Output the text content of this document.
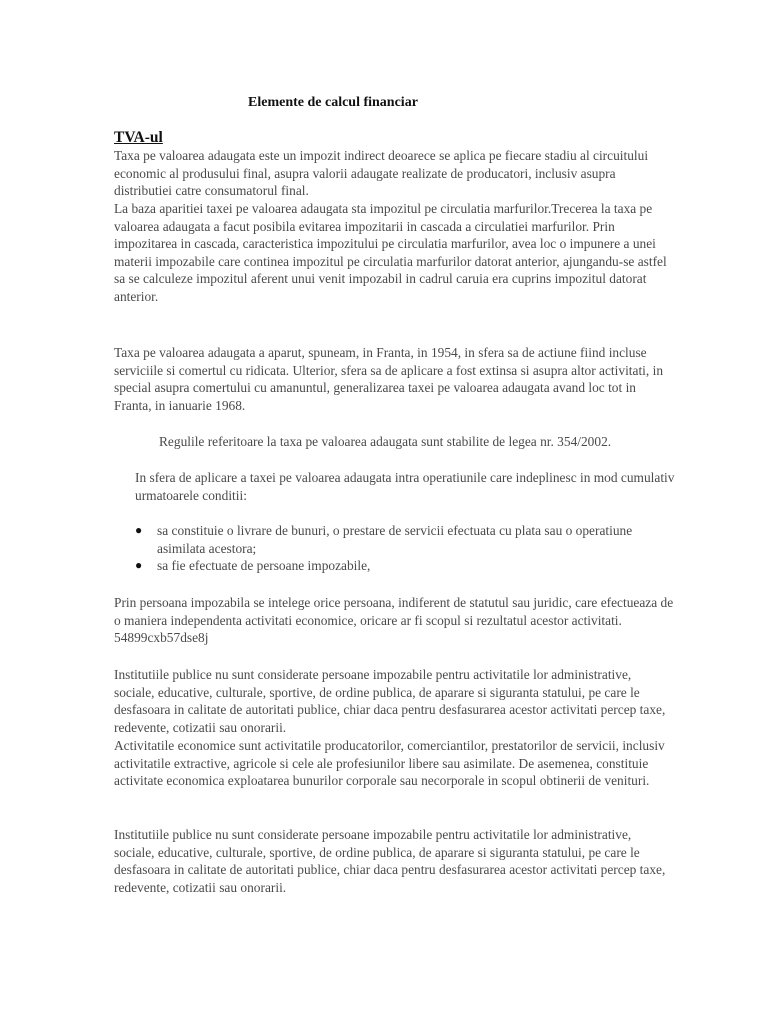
Elemente de calcul financiar
TVA-ul

Taxa pe valoarea adaugata este un impozit indirect deoarece se aplica pe fiecare stadiu al circuitului economic al produsului final, asupra valorii adaugate realizate de producatori, inclusiv asupra distributiei catre consumatorul final.

La baza aparitiei taxei pe valoarea adaugata sta impozitul pe circulatia marfurilor.Trecerea la taxa pe valoarea adaugata a facut posibila evitarea impozitarii in cascada a circulatiei marfurilor. Prin impozitarea in cascada, caracteristica impozitului pe circulatia marfurilor, avea loc o impunere a unei materii impozabile care continea impozitul pe circulatia marfurilor datorat anterior, ajungandu-se astfel sa se calculeze impozitul aferent unui venit impozabil in cadrul caruia era cuprins impozitul datorat anterior.

Taxa pe valoarea adaugata a aparut, spuneam, in Franta, in 1954, in sfera sa de actiune fiind incluse serviciile si comertul cu ridicata. Ulterior, sfera sa de aplicare a fost extinsa si asupra altor activitati, in special asupra comertului cu amanuntul, generalizarea taxei pe valoarea adaugata avand loc tot in Franta, in ianuarie 1968.

Regulile referitoare la taxa pe valoarea adaugata sunt stabilite de legea nr. 354/2002.

In sfera de aplicare a taxei pe valoarea adaugata intra operatiunile care indeplinesc in mod cumulativ urmatoarele conditii:

● sa constituie o livrare de bunuri, o prestare de servicii efectuata cu plata sau o operatiune asimilata acestora;
● sa fie efectuate de persoane impozabile,

Prin persoana impozabila se intelege orice persoana, indiferent de statutul sau juridic, care efectueaza de o maniera independenta activitati economice, oricare ar fi scopul si rezultatul acestor activitati. 54899cxb57dse8j

Institutiile publice nu sunt considerate persoane impozabile pentru activitatile lor administrative, sociale, educative, culturale, sportive, de ordine publica, de aparare si siguranta statului, pe care le desfasoara in calitate de autoritati publice, chiar daca pentru desfasurarea acestor activitati percep taxe, redevente, cotizatii sau onorarii.

Activitatile economice sunt activitatile producatorilor, comerciantilor, prestatorilor de servicii, inclusiv activitatile extractive, agricole si cele ale profesiunilor libere sau asimilate. De asemenea, constituie activitate economica exploatarea bunurilor corporale sau necorporale in scopul obtinerii de venituri.

Institutiile publice nu sunt considerate persoane impozabile pentru activitatile lor administrative, sociale, educative, culturale, sportive, de ordine publica, de aparare si siguranta statului, pe care le desfasoara in calitate de autoritati publice, chiar daca pentru desfasurarea acestor activitati percep taxe, redevente, cotizatii sau onorarii.
